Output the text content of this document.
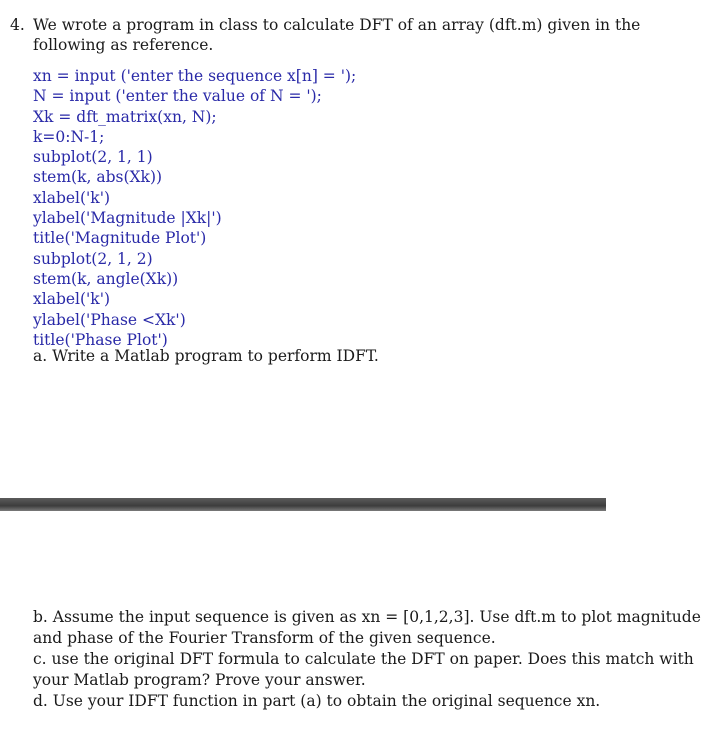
4. We wrote a program in class to calculate DFT of an array (dft.m) given in the
following as reference.
xn = input ('enter the sequence x[n] = ');
N = input ('enter the value of N = ');
Xk = dft_matrix(xn, N);
k=0:N-1;
subplot(2, 1, 1)
stem(k, abs(Xk))
xlabel('k')
ylabel('Magnitude |Xk|')
title('Magnitude Plot')
subplot(2, 1, 2)
stem(k, angle(Xk))
xlabel('k')
ylabel('Phase <Xk')
title('Phase Plot')
a. Write a Matlab program to perform IDFT.
b. Assume the input sequence is given as xn = [0,1,2,3]. Use dft.m to plot magnitude
and phase of the Fourier Transform of the given sequence.
c. use the original DFT formula to calculate the DFT on paper. Does this match with
your Matlab program? Prove your answer.
d. Use your IDFT function in part (a) to obtain the original sequence xn.
